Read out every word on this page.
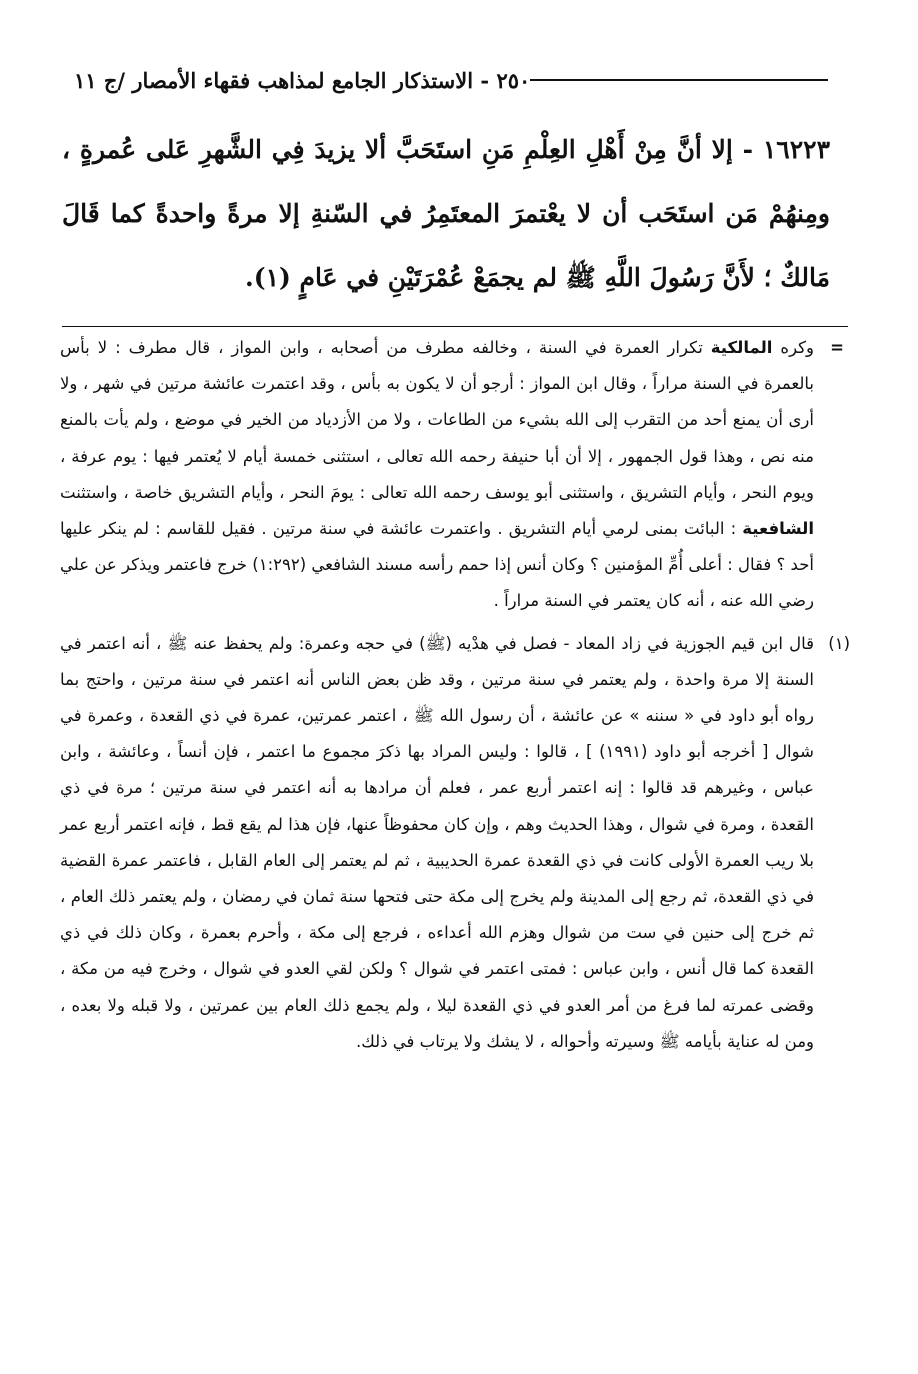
٢٥٠ - الاستذكار الجامع لمذاهب فقهاء الأمصار /ج ١١

١٦٢٢٣ - إلا أنَّ مِنْ أَهْلِ العِلْمِ مَنِ استَحَبَّ ألا يزيدَ فِي الشَّهرِ عَلى عُمرةٍ ، ومِنهُمْ مَن استَحَب أن لا يعْتمرَ المعتَمِرُ في السّنةِ إلا مرةً واحدةً كما قَالَ مَالكٌ ؛ لأَنَّ رَسُولَ اللَّهِ ﷺ لم يجمَعْ عُمْرَتَيْنِ في عَامٍ (١).

=
وكره المالكية تكرار العمرة في السنة ، وخالفه مطرف من أصحابه ، وابن المواز ، قال مطرف : لا بأس بالعمرة في السنة مراراً ، وقال ابن المواز : أرجو أن لا يكون به بأس ، وقد اعتمرت عائشة مرتين في شهر ، ولا أرى أن يمنع أحد من التقرب إلى الله بشيء من الطاعات ، ولا من الأزدياد من الخير في موضع ، ولم يأت بالمنع منه نص ، وهذا قول الجمهور ، إلا أن أبا حنيفة رحمه الله تعالى ، استثنى خمسة أيام لا يُعتمر فيها : يوم عرفة ، ويوم النحر ، وأيام التشريق ، واستثنى أبو يوسف رحمه الله تعالى : يومَ النحر ، وأيام التشريق خاصة ، واستثنت الشافعية : البائت بمنى لرمي أيام التشريق . واعتمرت عائشة في سنة مرتين . فقيل للقاسم : لم ينكر عليها أحد ؟ فقال : أعلى أُمِّ المؤمنين ؟ وكان أنس إذا حمم رأسه مسند الشافعي (١:٢٩٢) خرج فاعتمر ويذكر عن علي رضي الله عنه ، أنه كان يعتمر في السنة مراراً .

(١)
قال ابن قيم الجوزية في زاد المعاد - فصل في هدْيه (ﷺ) في حجه وعمرة: ولم يحفظ عنه ﷺ ، أنه اعتمر في السنة إلا مرة واحدة ، ولم يعتمر في سنة مرتين ، وقد ظن بعض الناس أنه اعتمر في سنة مرتين ، واحتج بما رواه أبو داود في « سننه » عن عائشة ، أن رسول الله ﷺ ، اعتمر عمرتين، عمرة في ذي القعدة ، وعمرة في شوال [ أخرجه أبو داود (١٩٩١) ] ، قالوا : وليس المراد بها ذكرَ مجموع ما اعتمر ، فإن أنساً ، وعائشة ، وابن عباس ، وغيرهم قد قالوا : إنه اعتمر أربع عمر ، فعلم أن مرادها به أنه اعتمر في سنة مرتين ؛ مرة في ذي القعدة ، ومرة في شوال ، وهذا الحديث وهم ، وإن كان محفوظاً عنها، فإن هذا لم يقع قط ، فإنه اعتمر أربع عمر بلا ريب العمرة الأولى كانت في ذي القعدة عمرة الحديبية ، ثم لم يعتمر إلى العام القابل ، فاعتمر عمرة القضية في ذي القعدة، ثم رجع إلى المدينة ولم يخرج إلى مكة حتى فتحها سنة ثمان في رمضان ، ولم يعتمر ذلك العام ، ثم خرج إلى حنين في ست من شوال وهزم الله أعداءه ، فرجع إلى مكة ، وأحرم بعمرة ، وكان ذلك في ذي القعدة كما قال أنس ، وابن عباس : فمتى اعتمر في شوال ؟ ولكن لقي العدو في شوال ، وخرج فيه من مكة ، وقضى عمرته لما فرغ من أمر العدو في ذي القعدة ليلا ، ولم يجمع ذلك العام بين عمرتين ، ولا قبله ولا بعده ، ومن له عناية بأيامه ﷺ وسيرته وأحواله ، لا يشك ولا يرتاب في ذلك.
